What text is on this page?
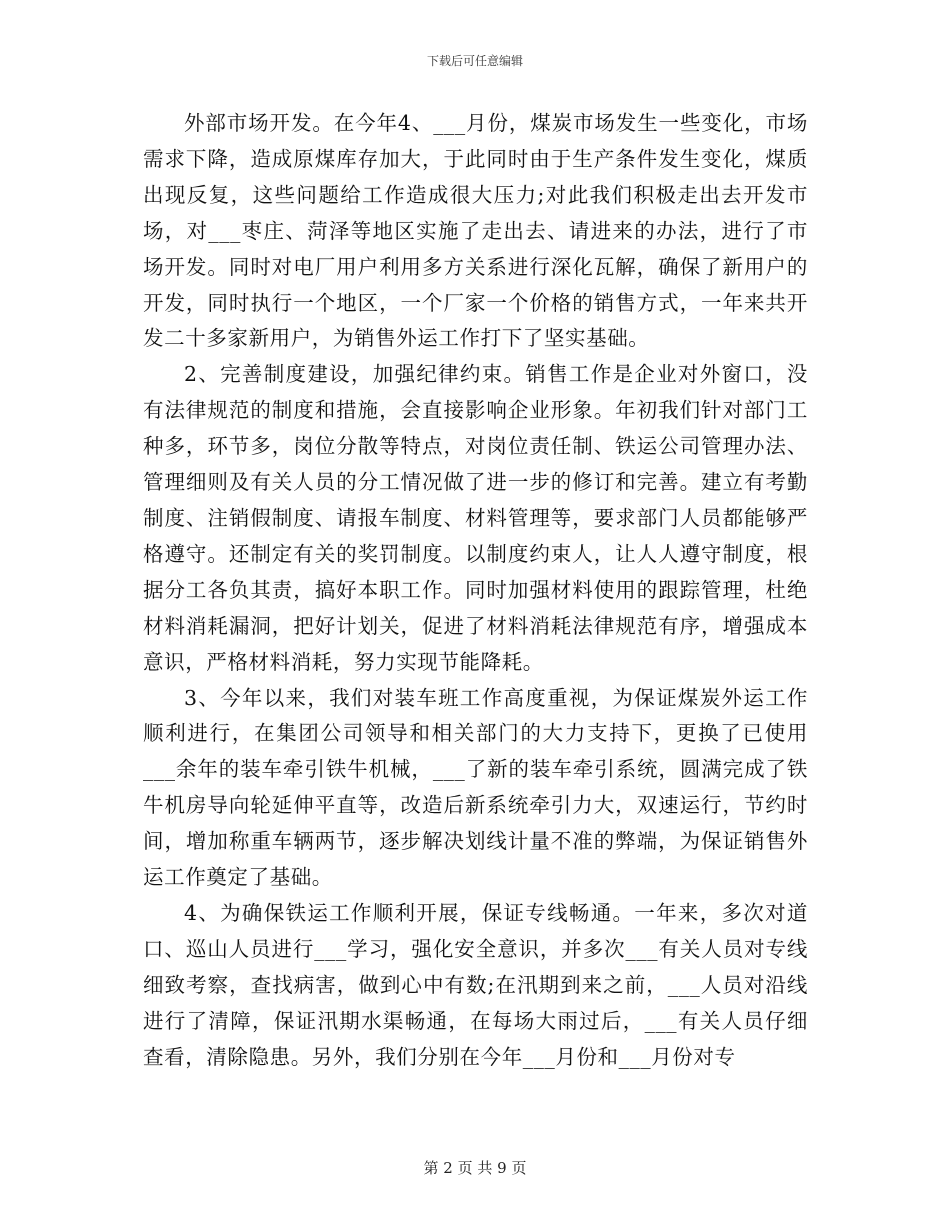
下载后可任意编辑

外部市场开发。在今年4、___月份，煤炭市场发生一些变化，市场需求下降，造成原煤库存加大，于此同时由于生产条件发生变化，煤质出现反复，这些问题给工作造成很大压力;对此我们积极走出去开发市场，对___枣庄、菏泽等地区实施了走出去、请进来的办法，进行了市场开发。同时对电厂用户利用多方关系进行深化瓦解，确保了新用户的开发，同时执行一个地区，一个厂家一个价格的销售方式，一年来共开发二十多家新用户，为销售外运工作打下了坚实基础。

2、完善制度建设，加强纪律约束。销售工作是企业对外窗口，没有法律规范的制度和措施，会直接影响企业形象。年初我们针对部门工种多，环节多，岗位分散等特点，对岗位责任制、铁运公司管理办法、管理细则及有关人员的分工情况做了进一步的修订和完善。建立有考勤制度、注销假制度、请报车制度、材料管理等，要求部门人员都能够严格遵守。还制定有关的奖罚制度。以制度约束人，让人人遵守制度，根据分工各负其责，搞好本职工作。同时加强材料使用的跟踪管理，杜绝材料消耗漏洞，把好计划关，促进了材料消耗法律规范有序，增强成本意识，严格材料消耗，努力实现节能降耗。

3、今年以来，我们对装车班工作高度重视，为保证煤炭外运工作顺利进行，在集团公司领导和相关部门的大力支持下，更换了已使用___余年的装车牵引铁牛机械，___了新的装车牵引系统，圆满完成了铁牛机房导向轮延伸平直等，改造后新系统牵引力大，双速运行，节约时间，增加称重车辆两节，逐步解决划线计量不准的弊端，为保证销售外运工作奠定了基础。

4、为确保铁运工作顺利开展，保证专线畅通。一年来，多次对道口、巡山人员进行___学习，强化安全意识，并多次___有关人员对专线细致考察，查找病害，做到心中有数;在汛期到来之前，___人员对沿线进行了清障，保证汛期水渠畅通，在每场大雨过后，___有关人员仔细查看，清除隐患。另外，我们分别在今年___月份和___月份对专

第 2 页 共 9 页
